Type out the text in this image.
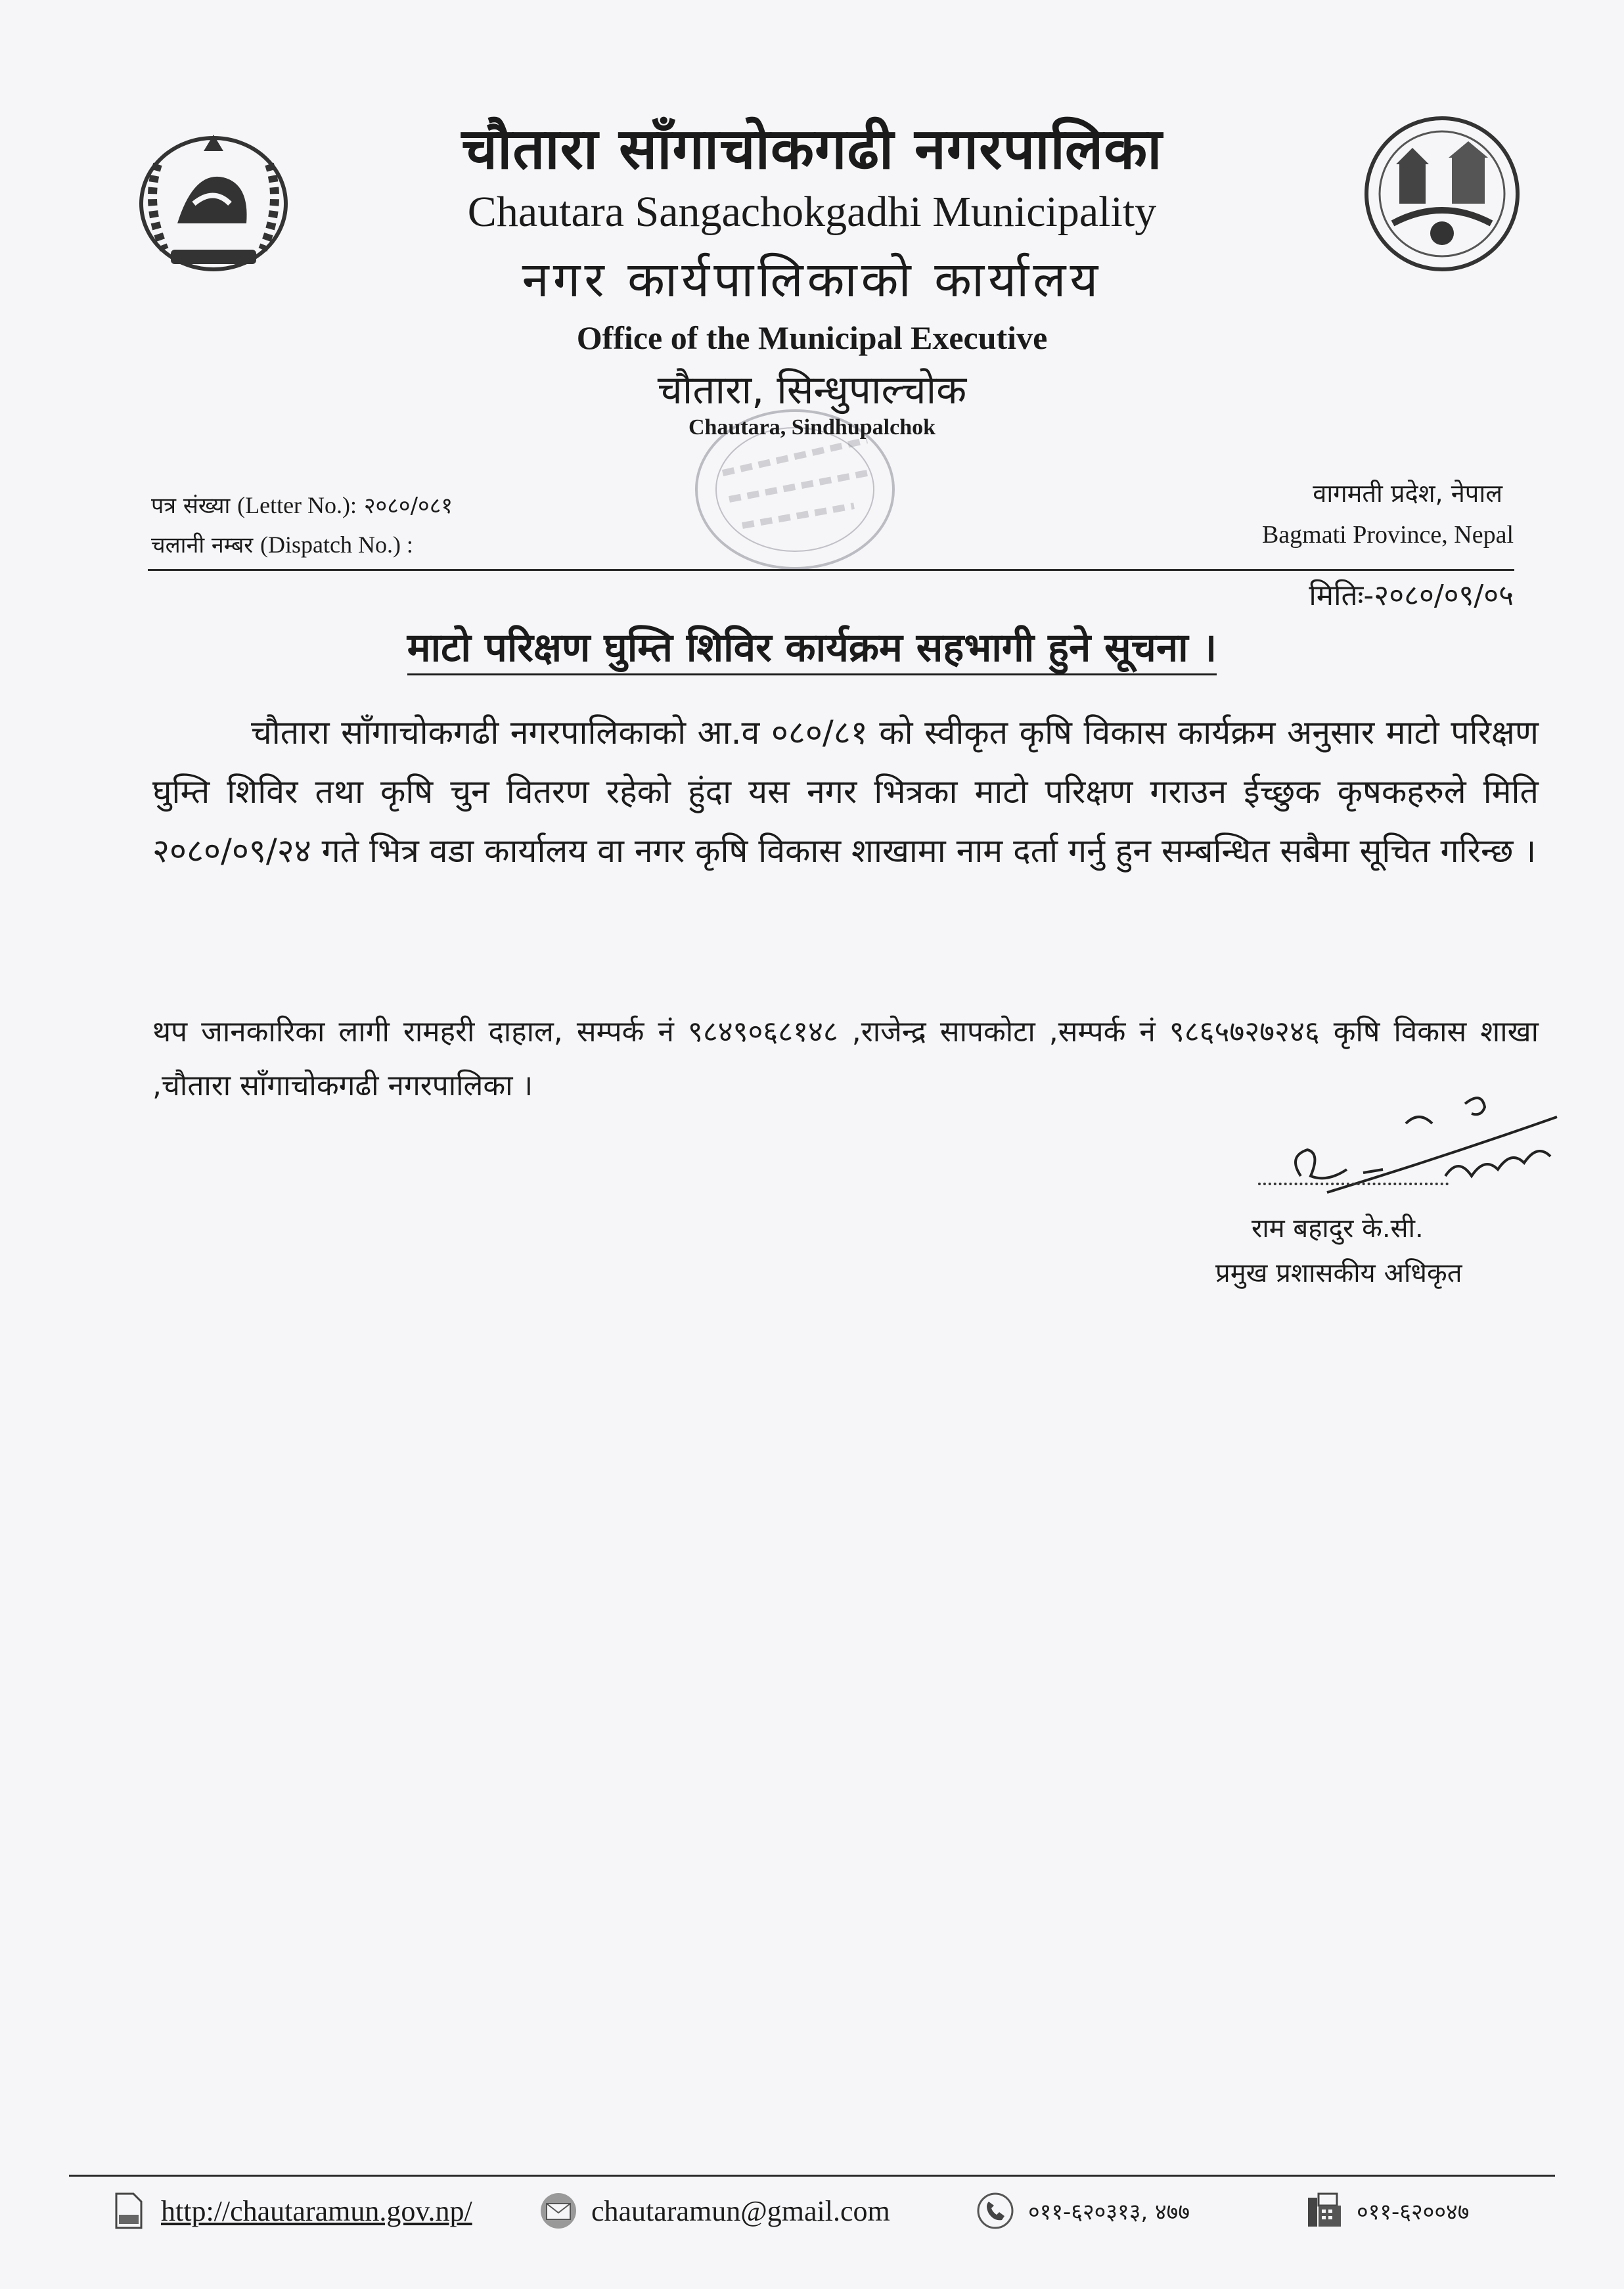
चौतारा साँगाचोकगढी नगरपालिका
Chautara Sangachokgadhi Municipality
नगर कार्यपालिकाको कार्यालय
Office of the Municipal Executive
चौतारा, सिन्धुपाल्चोक
Chautara, Sindhupalchok
पत्र संख्या (Letter No.): २०८०/०८१
चलानी नम्बर (Dispatch No.) :
वागमती प्रदेश, नेपाल
Bagmati Province, Nepal
मितिः-२०८०/०९/०५
माटो परिक्षण घुम्ति शिविर कार्यक्रम सहभागी हुने सूचना ।
चौतारा साँगाचोकगढी नगरपालिकाको आ.व ०८०/८१ को स्वीकृत कृषि विकास कार्यक्रम अनुसार माटो परिक्षण घुम्ति शिविर तथा कृषि चुन वितरण रहेको हुंदा यस नगर भित्रका माटो परिक्षण गराउन ईच्छुक कृषकहरुले मिति २०८०/०९/२४ गते भित्र वडा कार्यालय वा नगर कृषि विकास शाखामा नाम दर्ता गर्नु हुन सम्बन्धित सबैमा सूचित गरिन्छ ।
थप जानकारिका लागी रामहरी दाहाल, सम्पर्क नं ९८४९०६८१४८ ,राजेन्द्र सापकोटा ,सम्पर्क नं ९८६५७२७२४६ कृषि विकास शाखा ,चौतारा साँगाचोकगढी नगरपालिका ।
राम बहादुर के.सी.
प्रमुख प्रशासकीय अधिकृत
http://chautaramun.gov.np/	chautaramun@gmail.com	०११-६२०३१३, ४७७	०११-६२००४७
